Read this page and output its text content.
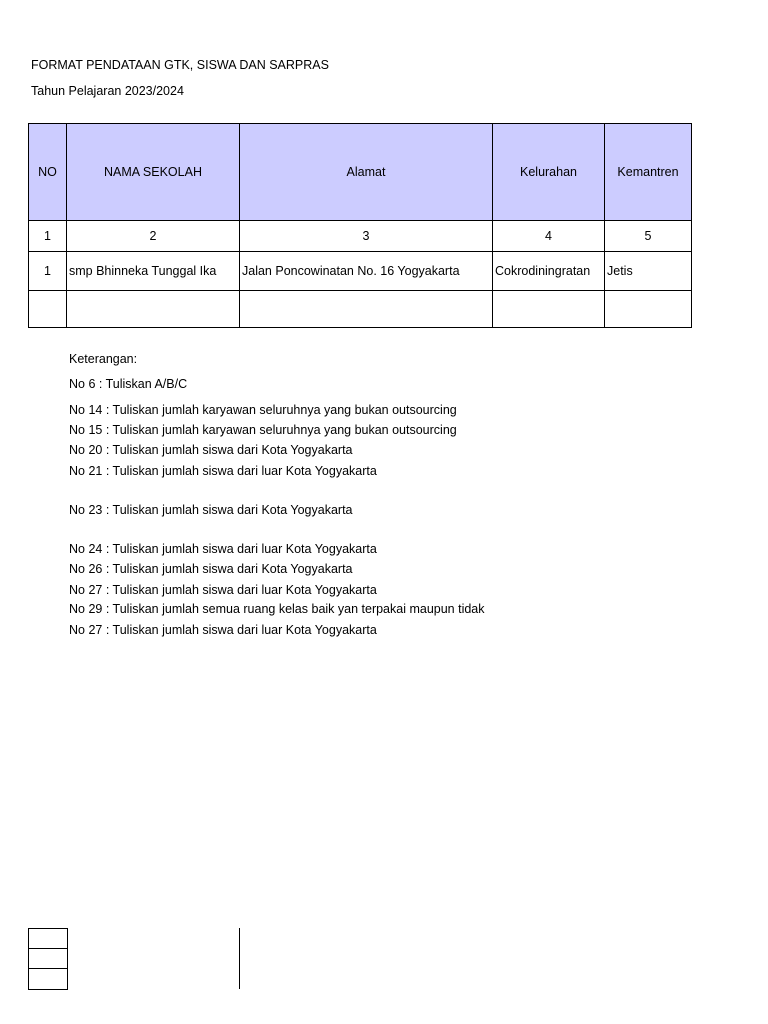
FORMAT PENDATAAN GTK, SISWA DAN SARPRAS
Tahun Pelajaran 2023/2024
NO	NAMA SEKOLAH	Alamat	Kelurahan	Kemantren
1	2	3	4	5
1	smp Bhinneka Tunggal Ika	Jalan Poncowinatan No. 16 Yogyakarta	Cokrodiningratan	Jetis

Keterangan:
No 6 : Tuliskan A/B/C
No 14 : Tuliskan jumlah karyawan seluruhnya yang bukan outsourcing
No 15 : Tuliskan jumlah karyawan seluruhnya yang bukan outsourcing
No 20 : Tuliskan jumlah siswa dari Kota Yogyakarta
No 21 : Tuliskan jumlah siswa dari luar Kota Yogyakarta
No 23 : Tuliskan jumlah siswa dari Kota Yogyakarta
No 24 : Tuliskan jumlah siswa dari luar Kota Yogyakarta
No 26 : Tuliskan jumlah siswa dari Kota Yogyakarta
No 27 : Tuliskan jumlah siswa dari luar Kota Yogyakarta
No 29 : Tuliskan jumlah semua ruang kelas baik yan terpakai maupun tidak
No 27 : Tuliskan jumlah siswa dari luar Kota Yogyakarta
